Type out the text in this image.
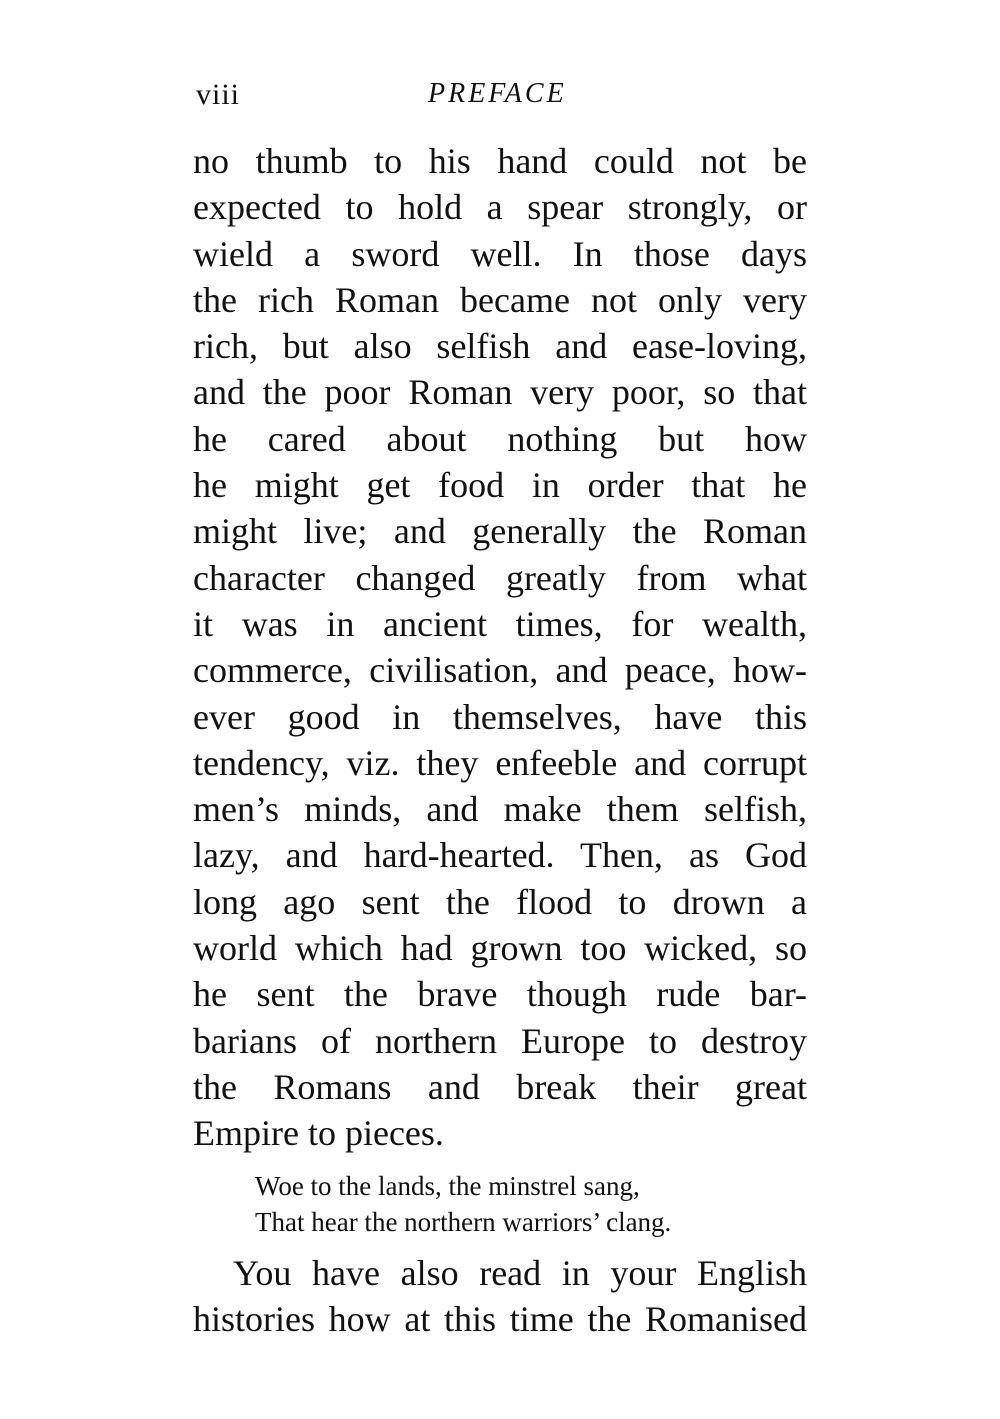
viii	PREFACE
no thumb to his hand could not be
expected to hold a spear strongly, or
wield a sword well. In those days
the rich Roman became not only very
rich, but also selfish and ease-loving,
and the poor Roman very poor, so that
he cared about nothing but how
he might get food in order that he
might live; and generally the Roman
character changed greatly from what
it was in ancient times, for wealth,
commerce, civilisation, and peace, how-
ever good in themselves, have this
tendency, viz. they enfeeble and corrupt
men’s minds, and make them selfish,
lazy, and hard-hearted. Then, as God
long ago sent the flood to drown a
world which had grown too wicked, so
he sent the brave though rude bar-
barians of northern Europe to destroy
the Romans and break their great
Empire to pieces.
Woe to the lands, the minstrel sang,
That hear the northern warriors’ clang.
You have also read in your English
histories how at this time the Romanised
